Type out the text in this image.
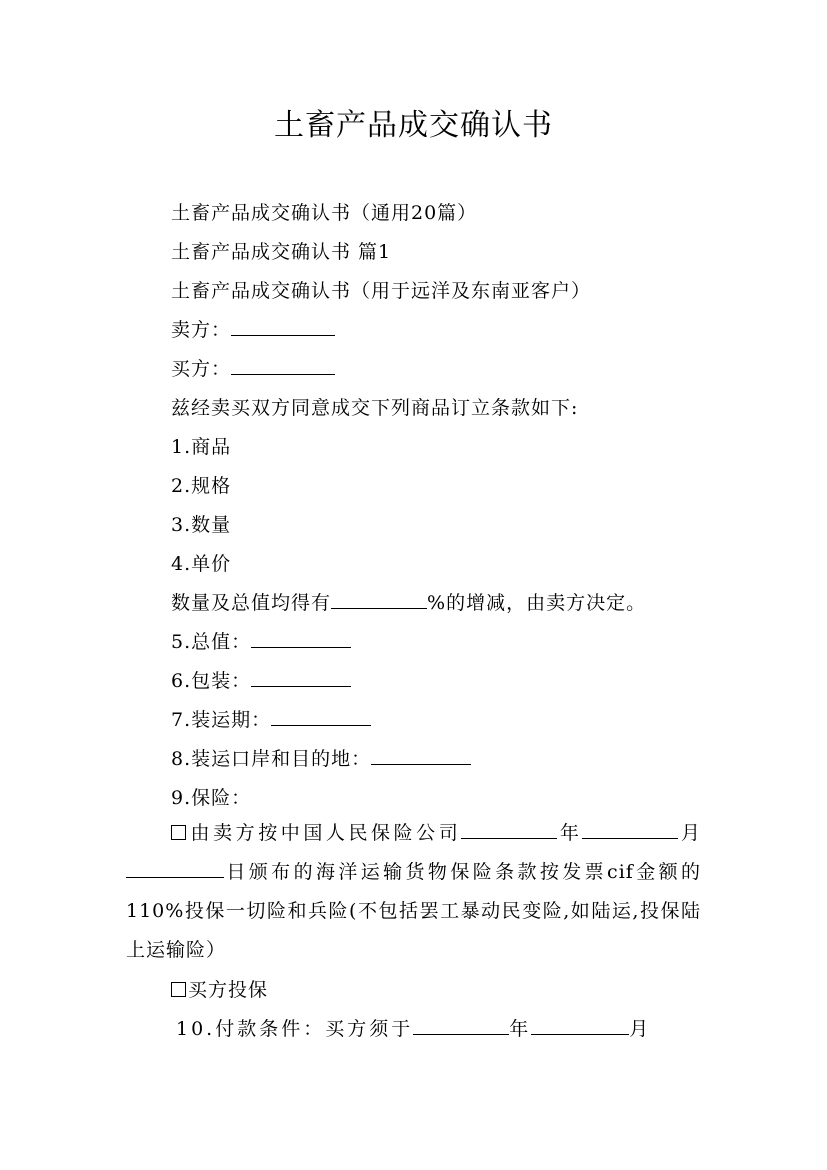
土畜产品成交确认书
土畜产品成交确认书（通用20篇）
土畜产品成交确认书 篇1
土畜产品成交确认书（用于远洋及东南亚客户）
卖方：
买方：
兹经卖买双方同意成交下列商品订立条款如下:
1.商品
2.规格
3.数量
4.单价
数量及总值均得有	%的增减，由卖方决定。
5.总值：
6.包装：
7.装运期：
8.装运口岸和目的地：
9.保险：
由卖方按中国人民保险公司	年	月日颁布的海洋运输货物保险条款按发票cif金额的110%投保一切险和兵险(不包括罢工暴动民变险,如陆运,投保陆上运输险）
买方投保
10.付款条件：买方须于	年	月
